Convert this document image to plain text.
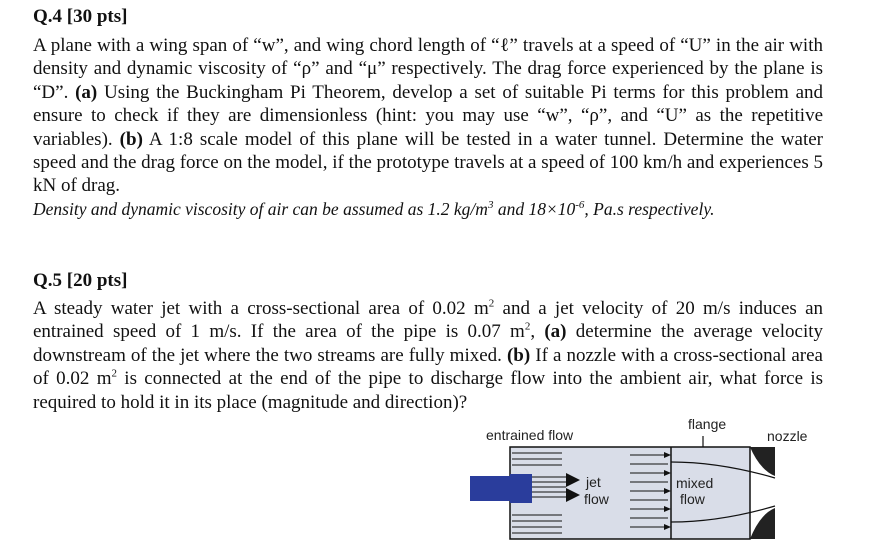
Q.4 [30 pts]
A plane with a wing span of “w”, and wing chord length of “ℓ” travels at a speed of “U” in the air with density and dynamic viscosity of “ρ” and “μ” respectively. The drag force experienced by the plane is “D”. (a) Using the Buckingham Pi Theorem, develop a set of suitable Pi terms for this problem and ensure to check if they are dimensionless (hint: you may use “w”, “ρ”, and “U” as the repetitive variables). (b) A 1:8 scale model of this plane will be tested in a water tunnel. Determine the water speed and the drag force on the model, if the prototype travels at a speed of 100 km/h and experiences 5 kN of drag.
Density and dynamic viscosity of air can be assumed as 1.2 $kg/m^3$ and $18\times 10^{-6}$, Pa.s respectively.
Q.5 [20 pts]
A steady water jet with a cross-sectional area of 0.02 $m^2$ and a jet velocity of 20 m/s induces an entrained speed of 1 m/s. If the area of the pipe is 0.07 $m^2$, (a) determine the average velocity downstream of the jet where the two streams are fully mixed. (b) If a nozzle with a cross-sectional area of 0.02 $m^2$ is connected at the end of the pipe to discharge flow into the ambient air, what force is required to hold it in its place (magnitude and direction)?
entrained flow
flange
nozzle
jet
flow
mixed
flow
